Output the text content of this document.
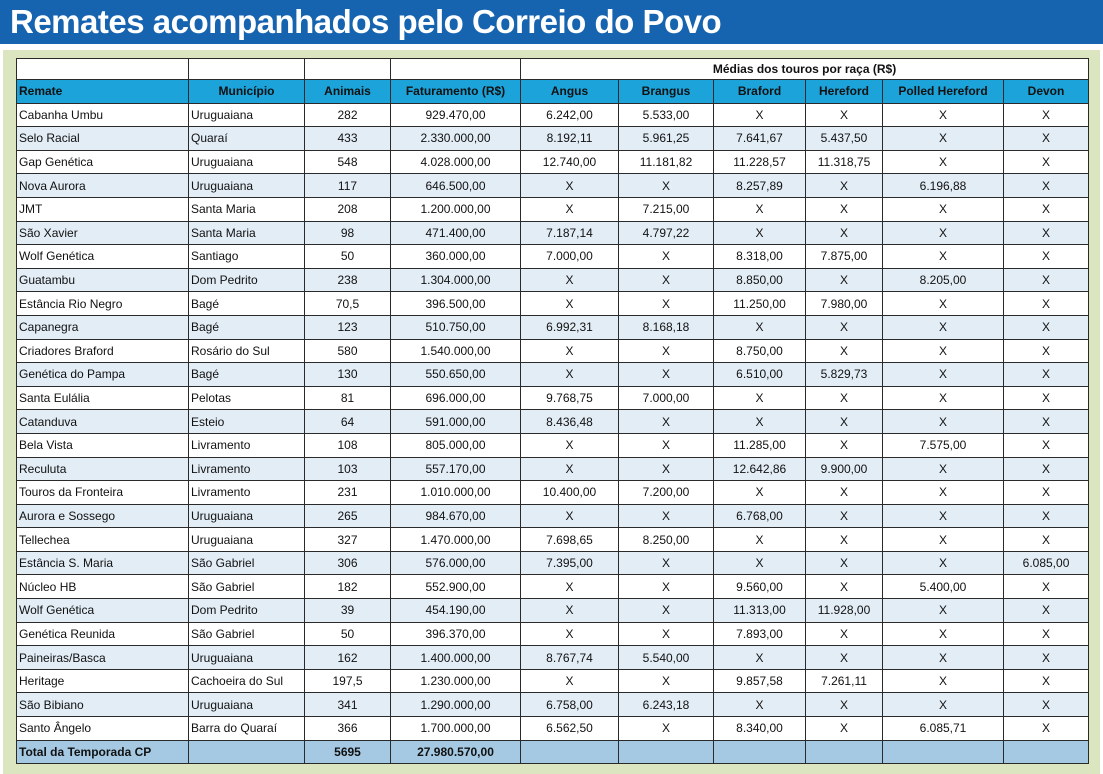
Remates acompanhados pelo Correio do Povo
				Médias dos touros por raça (R$)					
Remate	Município	Animais	Faturamento (R$)	Angus	Brangus	Braford	Hereford	Polled Hereford	Devon
Cabanha Umbu	Uruguaiana	282	929.470,00	6.242,00	5.533,00	X	X	X	X
Selo Racial	Quaraí	433	2.330.000,00	8.192,11	5.961,25	7.641,67	5.437,50	X	X
Gap Genética	Uruguaiana	548	4.028.000,00	12.740,00	11.181,82	11.228,57	11.318,75	X	X
Nova Aurora	Uruguaiana	117	646.500,00	X	X	8.257,89	X	6.196,88	X
JMT	Santa Maria	208	1.200.000,00	X	7.215,00	X	X	X	X
São Xavier	Santa Maria	98	471.400,00	7.187,14	4.797,22	X	X	X	X
Wolf Genética	Santiago	50	360.000,00	7.000,00	X	8.318,00	7.875,00	X	X
Guatambu	Dom Pedrito	238	1.304.000,00	X	X	8.850,00	X	8.205,00	X
Estância Rio Negro	Bagé	70,5	396.500,00	X	X	11.250,00	7.980,00	X	X
Capanegra	Bagé	123	510.750,00	6.992,31	8.168,18	X	X	X	X
Criadores Braford	Rosário do Sul	580	1.540.000,00	X	X	8.750,00	X	X	X
Genética do Pampa	Bagé	130	550.650,00	X	X	6.510,00	5.829,73	X	X
Santa Eulália	Pelotas	81	696.000,00	9.768,75	7.000,00	X	X	X	X
Catanduva	Esteio	64	591.000,00	8.436,48	X	X	X	X	X
Bela Vista	Livramento	108	805.000,00	X	X	11.285,00	X	7.575,00	X
Reculuta	Livramento	103	557.170,00	X	X	12.642,86	9.900,00	X	X
Touros da Fronteira	Livramento	231	1.010.000,00	10.400,00	7.200,00	X	X	X	X
Aurora e Sossego	Uruguaiana	265	984.670,00	X	X	6.768,00	X	X	X
Tellechea	Uruguaiana	327	1.470.000,00	7.698,65	8.250,00	X	X	X	X
Estância S. Maria	São Gabriel	306	576.000,00	7.395,00	X	X	X	X	6.085,00
Núcleo HB	São Gabriel	182	552.900,00	X	X	9.560,00	X	5.400,00	X
Wolf Genética	Dom Pedrito	39	454.190,00	X	X	11.313,00	11.928,00	X	X
Genética Reunida	São Gabriel	50	396.370,00	X	X	7.893,00	X	X	X
Paineiras/Basca	Uruguaiana	162	1.400.000,00	8.767,74	5.540,00	X	X	X	X
Heritage	Cachoeira do Sul	197,5	1.230.000,00	X	X	9.857,58	7.261,11	X	X
São Bibiano	Uruguaiana	341	1.290.000,00	6.758,00	6.243,18	X	X	X	X
Santo Ângelo	Barra do Quaraí	366	1.700.000,00	6.562,50	X	8.340,00	X	6.085,71	X
Total da Temporada CP		5695	27.980.570,00						
